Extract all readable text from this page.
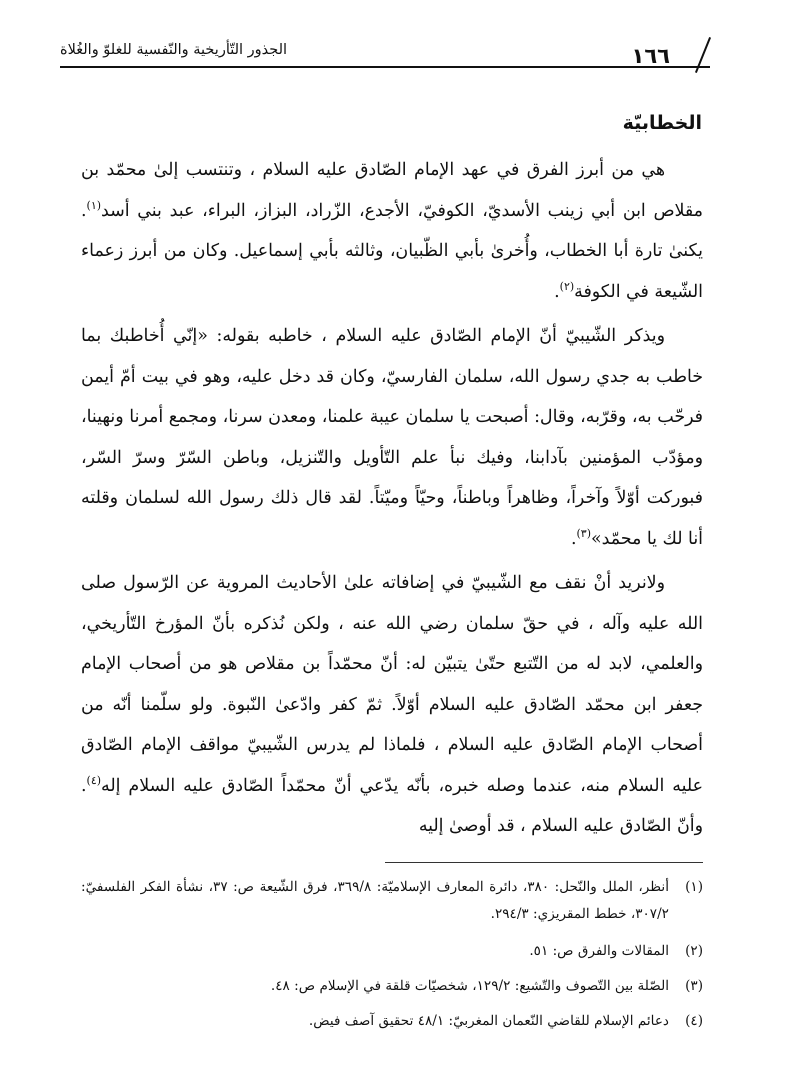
الجذور التّأريخية والنّفسية للغلوّ والغُلاة	١٦٦
الخطابيّة

هي من أبرز الفرق في عهد الإمام الصّادق عليه السلام ، وتنتسب إلىٰ محمّد بن مقلاص ابن أبي زينب الأسديّ، الكوفيّ، الأجدع، الزّراد، البزاز، البراء، عبد بني أسد$^{(١)}$. يكنىٰ تارة أبا الخطاب، وأُخرىٰ بأبي الظّبيان، وثالثه بأبي إسماعيل. وكان من أبرز زعماء الشّيعة في الكوفة$^{(٢)}$.

ويذكر الشّيبيّ أنّ الإمام الصّادق عليه السلام ، خاطبه بقوله: «إنّي أُخاطبك بما خاطب به جدي رسول الله، سلمان الفارسيّ، وكان قد دخل عليه، وهو في بيت أمّ أيمن فرحّب به، وقرّبه، وقال: أصبحت يا سلمان عيبة علمنا، ومعدن سرنا، ومجمع أمرنا ونهينا، ومؤدّب المؤمنين بآدابنا، وفيك نبأ علم التّأويل والتّنزيل، وباطن السّرّ وسرّ السّر، فبوركت أوّلاً وآخراً، وظاهراً وباطناً، وحيّاً وميّتاً. لقد قال ذلك رسول الله لسلمان وقلته أنا لك يا محمّد»$^{(٣)}$.

ولانريد أنْ نقف مع الشّيبيّ في إضافاته علىٰ الأحاديث المروية عن الرّسول صلى الله عليه وآله ، في حقّ سلمان رضي الله عنه ، ولكن نُذكره بأنّ المؤرخ التّأريخي، والعلمي، لابد له من التّتبع حتّىٰ يتبيّن له: أنّ محمّداً بن مقلاص هو من أصحاب الإمام جعفر ابن محمّد الصّادق عليه السلام أوّلاً. ثمّ كفر وادّعىٰ النّبوة. ولو سلّمنا أنّه من أصحاب الإمام الصّادق عليه السلام ، فلماذا لم يدرس الشّيبيّ مواقف الإمام الصّادق عليه السلام منه، عندما وصله خبره، بأنّه يدّعي أنّ محمّداً الصّادق عليه السلام إله$^{(٤)}$. وأنّ الصّادق عليه السلام ، قد أوصىٰ إليه

(١)
أنظر، الملل والنّحل: ٣٨٠، دائرة المعارف الإسلاميّة: ٣٦٩/٨، فرق الشّيعة ص: ٣٧، نشأة الفكر الفلسفيّ: ٣٠٧/٢، خطط المقريزي: ٢٩٤/٣.
(٢)
المقالات والفرق ص: ٥١.
(٣)
الصّلة بين التّصوف والتّشيع: ١٢٩/٢، شخصيّات قلقة في الإسلام ص: ٤٨.
(٤)
دعائم الإسلام للقاضي النّعمان المغربيّ: ٤٨/١ تحقيق آصف فيض.
